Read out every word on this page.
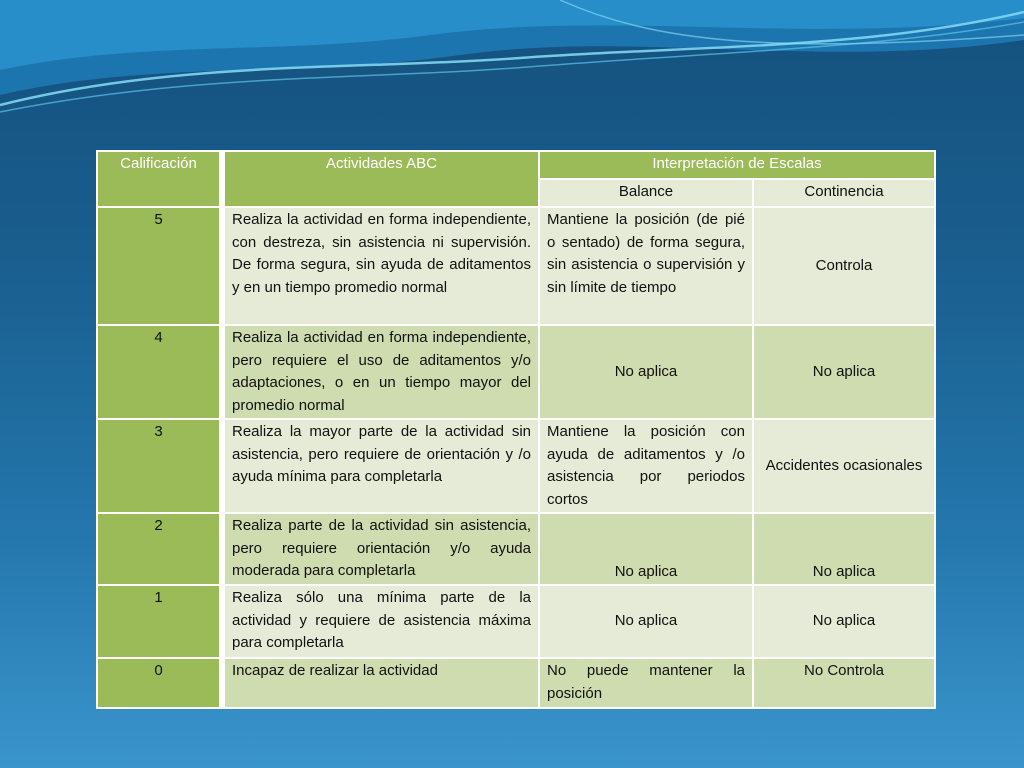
Calificación	Actividades ABC	Interpretación de Escalas	
		Balance	Continencia
5	Realiza la actividad en forma independiente, con destreza, sin asistencia ni supervisión. De forma segura, sin ayuda de aditamentos y en un tiempo promedio normal	Mantiene la posición (de pié o sentado) de forma segura, sin asistencia o supervisión y sin límite de tiempo	Controla
4	Realiza la actividad en forma independiente, pero requiere el uso de aditamentos y/o adaptaciones, o en un tiempo mayor del promedio normal	No aplica	No aplica
3	Realiza la mayor parte de la actividad sin asistencia, pero requiere de orientación y /o ayuda mínima para completarla	Mantiene la posición con ayuda de aditamentos y /o asistencia por periodos cortos	Accidentes ocasionales
2	Realiza parte de la actividad sin asistencia, pero requiere orientación y/o ayuda moderada para completarla	No aplica	No aplica
1	Realiza sólo una mínima parte de la actividad y requiere de asistencia máxima para completarla	No aplica	No aplica
0	Incapaz de realizar la actividad	No puede mantener la posición	No Controla
